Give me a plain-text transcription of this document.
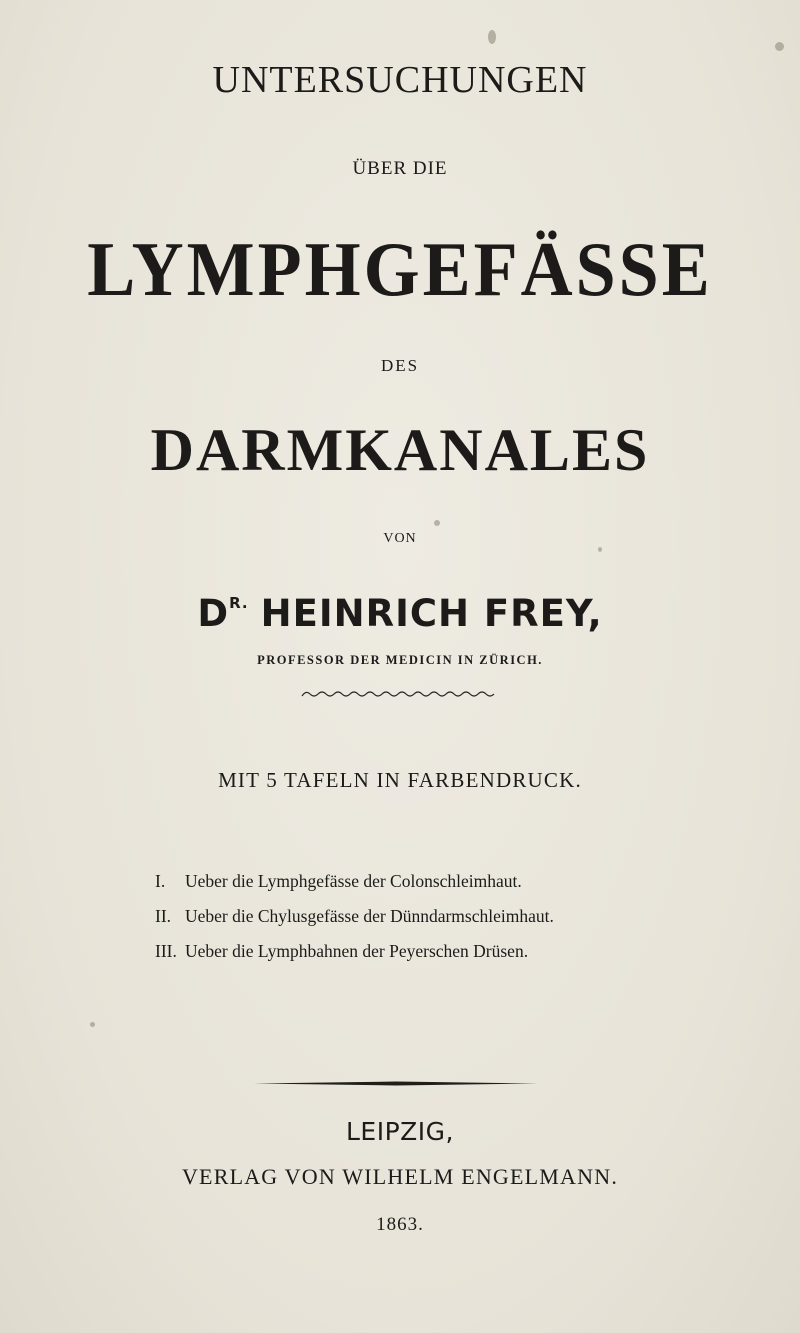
UNTERSUCHUNGEN
ÜBER DIE
LYMPHGEFÄSSE
DES
DARMKANALES
VON
$D^{R.}$ HEINRICH FREY,
PROFESSOR DER MEDICIN IN ZÜRICH.
MIT 5 TAFELN IN FARBENDRUCK.
I. Ueber die Lymphgefässe der Colonschleimhaut.
II. Ueber die Chylusgefässe der Dünndarmschleimhaut.
III. Ueber die Lymphbahnen der Peyerschen Drüsen.
LEIPZIG,
VERLAG VON WILHELM ENGELMANN.
1863.
